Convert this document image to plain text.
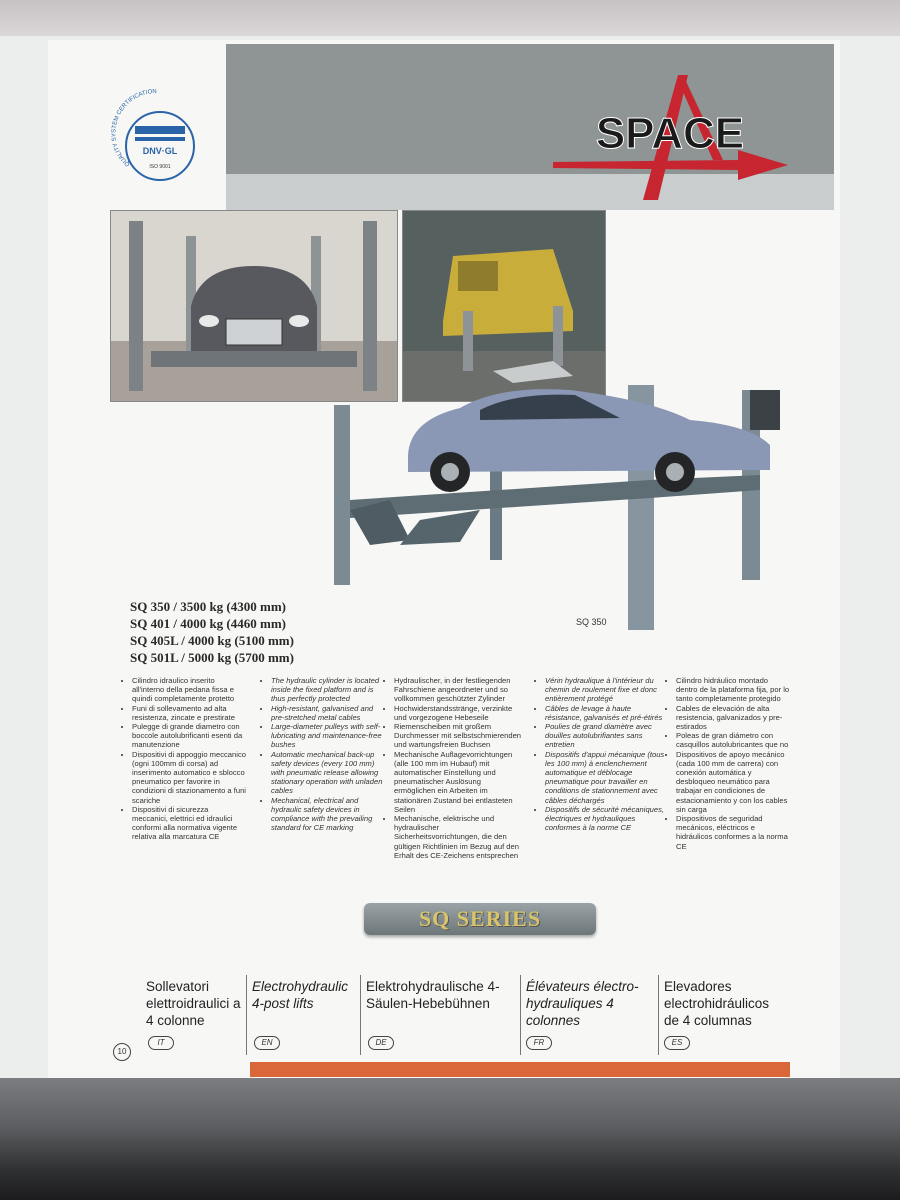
QUALITY SYSTEM CERTIFICATION
DNV·GL
ISO 9001
SPACE
SQ 350 / 3500 kg (4300 mm)
SQ 401 / 4000 kg (4460 mm)
SQ 405L / 4000 kg (5100 mm)
SQ 501L / 5000 kg (5700 mm)
SQ 350
• Cilindro idraulico inserito all'interno della pedana fissa e quindi completamente protetto
• Funi di sollevamento ad alta resistenza, zincate e prestirate
• Pulegge di grande diametro con boccole autolubrificanti esenti da manutenzione
• Dispositivi di appoggio meccanico (ogni 100mm di corsa) ad inserimento automatico e sblocco pneumatico per favorire in condizioni di stazionamento a funi scariche
• Dispositivi di sicurezza meccanici, elettrici ed idraulici conformi alla normativa vigente relativa alla marcatura CE
• The hydraulic cylinder is located inside the fixed platform and is thus perfectly protected
• High-resistant, galvanised and pre-stretched metal cables
• Large-diameter pulleys with self-lubricating and maintenance-free bushes
• Automatic mechanical back-up safety devices (every 100 mm) with pneumatic release allowing stationary operation with unladen cables
• Mechanical, electrical and hydraulic safety devices in compliance with the prevailing standard for CE marking
• Hydraulischer, in der festliegenden Fahrschiene angeordneter und so vollkommen geschützter Zylinder
• Hochwiderstandsstränge, verzinkte und vorgezogene Hebeseile
• Riemenscheiben mit großem Durchmesser mit selbstschmierenden und wartungsfreien Buchsen
• Mechanische Auflagevorrichtungen (alle 100 mm im Hubauf) mit automatischer Einstellung und pneumatischer Auslösung ermöglichen ein Arbeiten im stationären Zustand bei entlasteten Seilen
• Mechanische, elektrische und hydraulischer Sicherheitsvorrichtungen, die den gültigen Richtlinien im Bezug auf den Erhalt des CE-Zeichens entsprechen
• Vérin hydraulique à l'intérieur du chemin de roulement fixe et donc entièrement protégé
• Câbles de levage à haute résistance, galvanisés et pré-étirés
• Poulies de grand diamètre avec douilles autolubrifiantes sans entretien
• Dispositifs d'appui mécanique (tous les 100 mm) à enclenchement automatique et déblocage pneumatique pour travailler en conditions de stationnement avec câbles déchargés
• Dispositifs de sécurité mécaniques, électriques et hydrauliques conformes à la norme CE
• Cilindro hidráulico montado dentro de la plataforma fija, por lo tanto completamente protegido
• Cables de elevación de alta resistencia, galvanizados y pre-estirados
• Poleas de gran diámetro con casquillos autolubricantes que no
• Dispositivos de apoyo mecánico (cada 100 mm de carrera) con conexión automática y desbloqueo neumático para trabajar en condiciones de estacionamiento y con los cables sin carga
• Dispositivos de seguridad mecánicos, eléctricos e hidráulicos conformes a la norma CE
SQ SERIES
Sollevatori elettroidraulici a 4 colonne
Electrohydraulic 4-post lifts
Elektrohydraulische 4-Säulen-Hebebühnen
Élévateurs électro-hydrauliques 4 colonnes
Elevadores electrohidráulicos de 4 columnas
IT	EN	DE	FR	ES
10
